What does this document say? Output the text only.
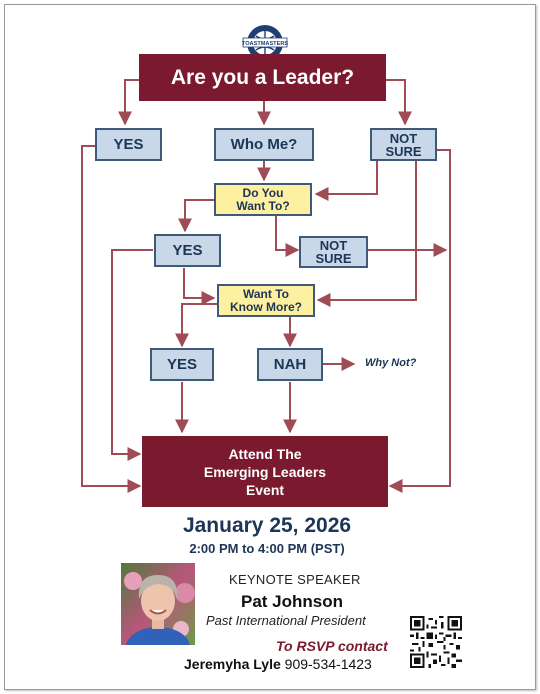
TOASTMASTERS
Are you a Leader?
YES	Who Me?	NOT
SURE
Do You
Want To?
YES	NOT
SURE
Want To
Know More?
YES	NAH	Why Not?
Attend The
Emerging Leaders
Event
January 25, 2026
2:00 PM to 4:00 PM (PST)
KEYNOTE SPEAKER
Pat Johnson
Past International President
To RSVP contact
Jeremyha Lyle 909-534-1423
